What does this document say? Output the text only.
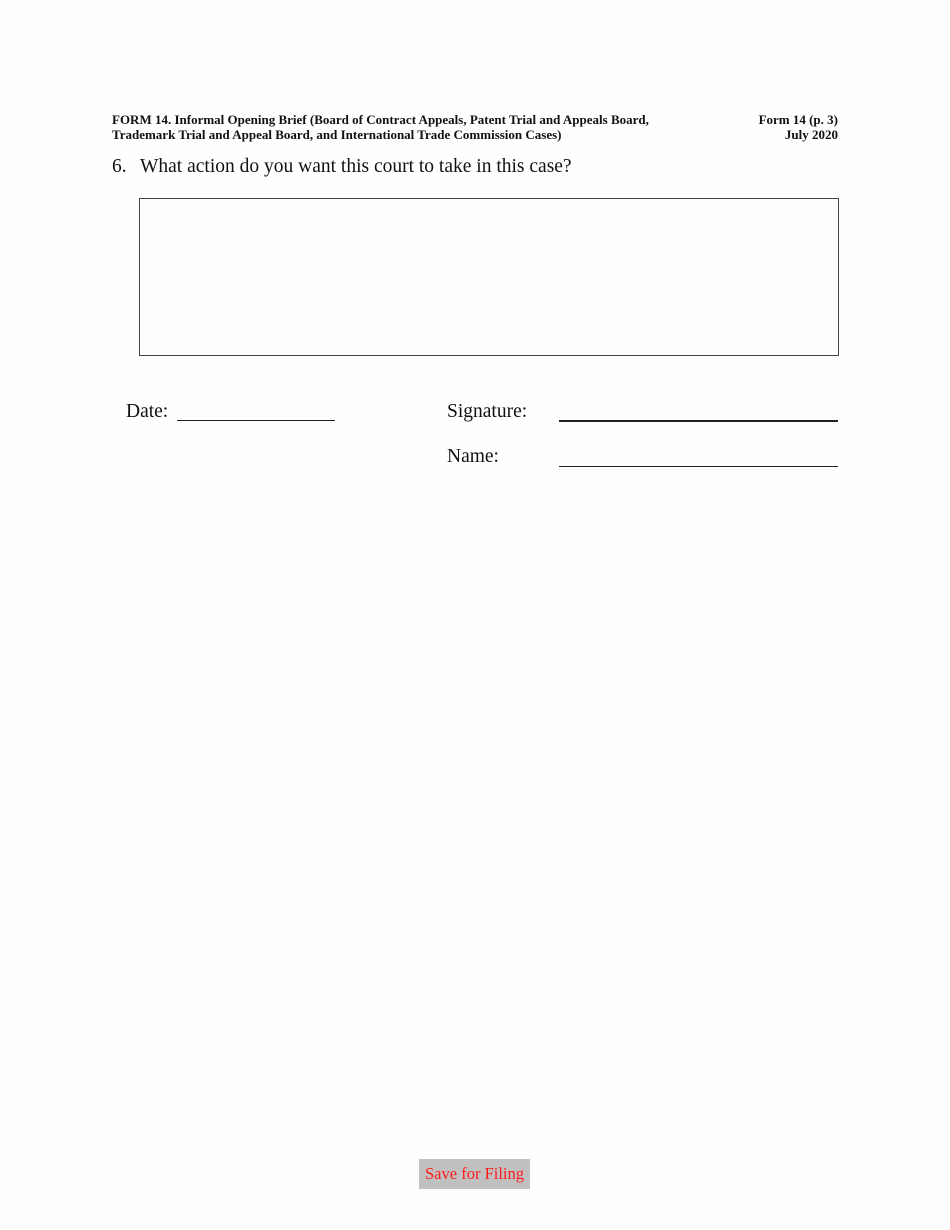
FORM 14. Informal Opening Brief (Board of Contract Appeals, Patent Trial and Appeals Board,
Trademark Trial and Appeal Board, and International Trade Commission Cases)
Form 14 (p. 3)
July 2020
6. What action do you want this court to take in this case?
Date:	Signature:
Name:
Save for Filing
